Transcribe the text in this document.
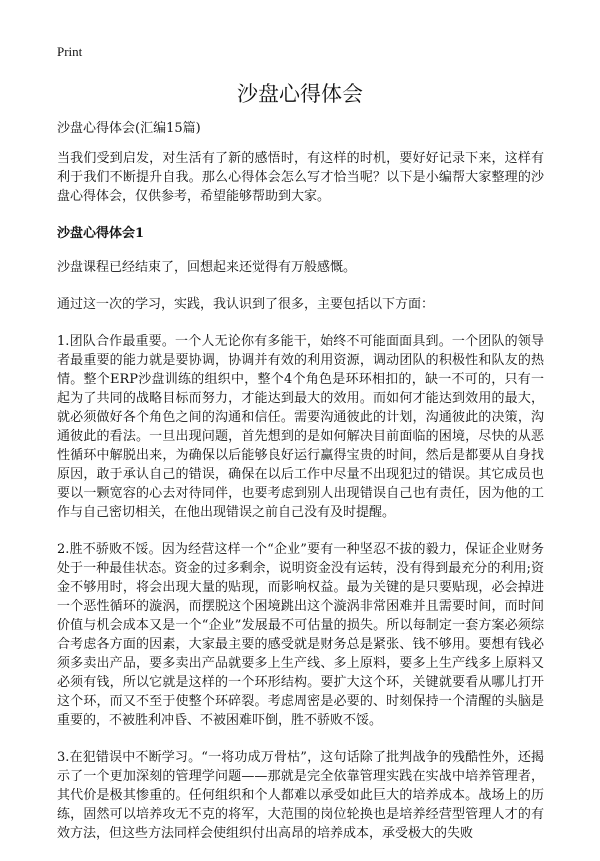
Print
沙盘心得体会

沙盘心得体会(汇编15篇)

当我们受到启发，对生活有了新的感悟时，有这样的时机，要好好记录下来，这样有利于我们不断提升自我。那么心得体会怎么写才恰当呢？以下是小编帮大家整理的沙盘心得体会，仅供参考，希望能够帮助到大家。

沙盘心得体会1

沙盘课程已经结束了，回想起来还觉得有万般感慨。

通过这一次的学习，实践，我认识到了很多，主要包括以下方面：

1.团队合作最重要。一个人无论你有多能干，始终不可能面面具到。一个团队的领导者最重要的能力就是要协调，协调并有效的利用资源，调动团队的积极性和队友的热情。整个ERP沙盘训练的组织中，整个4个角色是环环相扣的，缺一不可的，只有一起为了共同的战略目标而努力，才能达到最大的效用。而如何才能达到效用的最大，就必须做好各个角色之间的沟通和信任。需要沟通彼此的计划，沟通彼此的决策，沟通彼此的看法。一旦出现问题，首先想到的是如何解决目前面临的困境，尽快的从恶性循环中解脱出来，为确保以后能够良好运行赢得宝贵的时间，然后是都要从自身找原因，敢于承认自己的错误，确保在以后工作中尽量不出现犯过的错误。其它成员也要以一颗宽容的心去对待同伴，也要考虑到别人出现错误自己也有责任，因为他的工作与自己密切相关，在他出现错误之前自己没有及时提醒。

2.胜不骄败不馁。因为经营这样一个“企业”要有一种坚忍不拔的毅力，保证企业财务处于一种最佳状态。资金的过多剩余，说明资金没有运转，没有得到最充分的利用;资金不够用时，将会出现大量的贴现，而影响权益。最为关键的是只要贴现，必会掉进一个恶性循环的漩涡，而摆脱这个困境跳出这个漩涡非常困难并且需要时间，而时间价值与机会成本又是一个“企业”发展最不可估量的损失。所以每制定一套方案必须综合考虑各方面的因素，大家最主要的感受就是财务总是紧张、钱不够用。要想有钱必须多卖出产品，要多卖出产品就要多上生产线、多上原料，要多上生产线多上原料又必须有钱，所以它就是这样的一个环形结构。要扩大这个环，关键就要看从哪儿打开这个环，而又不至于使整个环碎裂。考虑周密是必要的、时刻保持一个清醒的头脑是重要的，不被胜利冲昏、不被困难吓倒，胜不骄败不馁。

3.在犯错误中不断学习。“一将功成万骨枯”，这句话除了批判战争的残酷性外，还揭示了一个更加深刻的管理学问题——那就是完全依靠管理实践在实战中培养管理者，其代价是极其惨重的。任何组织和个人都难以承受如此巨大的培养成本。战场上的历练，固然可以培养攻无不克的将军，大范围的岗位轮换也是培养经营型管理人才的有效方法，但这些方法同样会使组织付出高昂的培养成本，承受极大的失败
